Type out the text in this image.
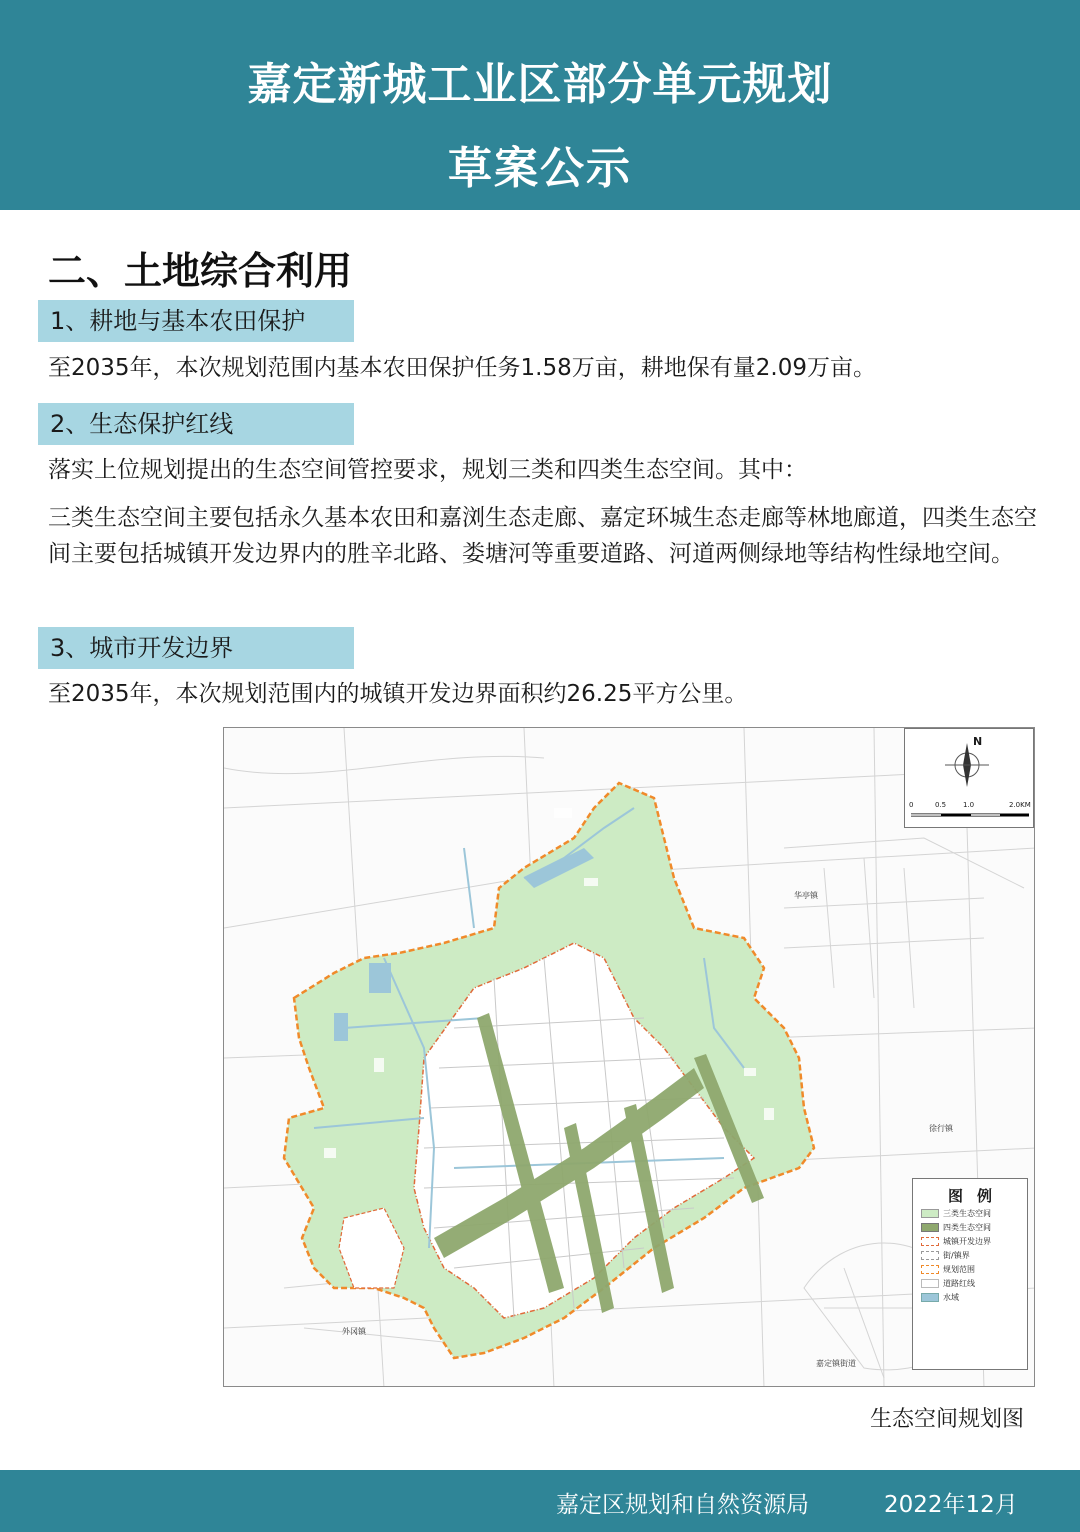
嘉定新城工业区部分单元规划
草案公示
二、土地综合利用
1、耕地与基本农田保护
至2035年，本次规划范围内基本农田保护任务1.58万亩，耕地保有量2.09万亩。
2、生态保护红线
落实上位规划提出的生态空间管控要求，规划三类和四类生态空间。其中：
三类生态空间主要包括永久基本农田和嘉浏生态走廊、嘉定环城生态走廊等林地廊道，四类生态空间主要包括城镇开发边界内的胜辛北路、娄塘河等重要道路、河道两侧绿地等结构性绿地空间。
3、城市开发边界
至2035年，本次规划范围内的城镇开发边界面积约26.25平方公里。
N
0	0.5 1.0	2.0KM
华亭镇
徐行镇
外冈镇
嘉定镇街道
图例
三类生态空间
四类生态空间
城镇开发边界
街/镇界
规划范围
道路红线
水域
生态空间规划图
嘉定区规划和自然资源局	2022年12月
